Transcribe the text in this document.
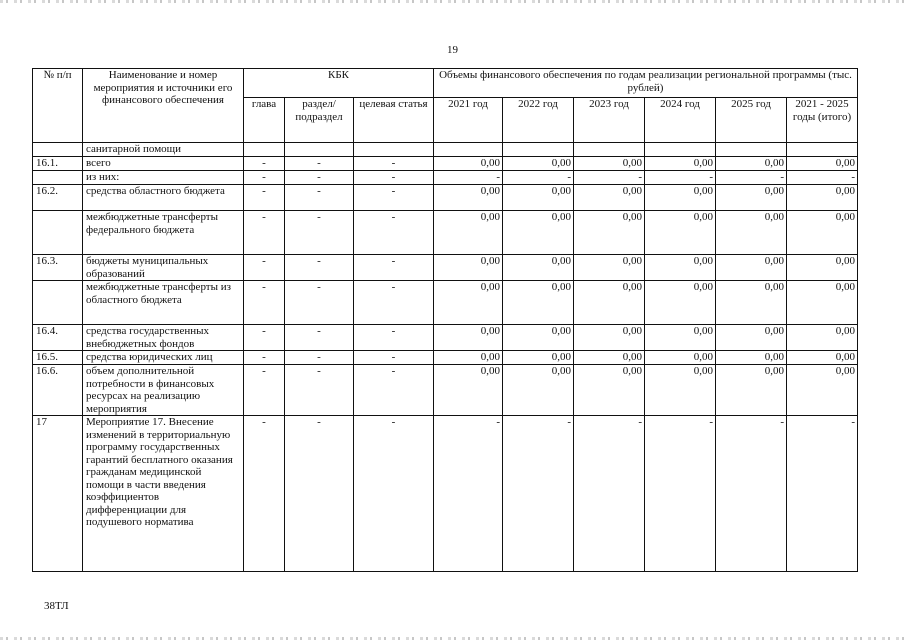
19
№ п/п	Наименование и номер мероприятия и источники его финансового обеспечения	КБК			Объемы финансового обеспечения по годам реализации региональной программы (тыс. рублей)					
		глава	раздел/ подраздел	целевая статья	2021 год	2022 год	2023 год	2024 год	2025 год	2021 - 2025 годы (итого)
	санитарной помощи									
16.1.	всего	-	-	-	0,00	0,00	0,00	0,00	0,00	0,00
	из них:	-	-	-	-	-	-	-	-	-
16.2.	средства областного бюджета	-	-	-	0,00	0,00	0,00	0,00	0,00	0,00
	межбюджетные трансферты федерального бюджета	-	-	-	0,00	0,00	0,00	0,00	0,00	0,00
16.3.	бюджеты муниципальных образований	-	-	-	0,00	0,00	0,00	0,00	0,00	0,00
	межбюджетные трансферты из областного бюджета	-	-	-	0,00	0,00	0,00	0,00	0,00	0,00
16.4.	средства государственных внебюджетных фондов	-	-	-	0,00	0,00	0,00	0,00	0,00	0,00
16.5.	средства юридических лиц	-	-	-	0,00	0,00	0,00	0,00	0,00	0,00
16.6.	объем дополнительной потребности в финансовых ресурсах на реализацию мероприятия	-	-	-	0,00	0,00	0,00	0,00	0,00	0,00
17	Мероприятие 17. Внесение изменений в территориальную программу государственных гарантий бесплатного оказания гражданам медицинской помощи в части введения коэффициентов дифференциации для подушевого норматива	-	-	-	-	-	-	-	-	-
38ТЛ
